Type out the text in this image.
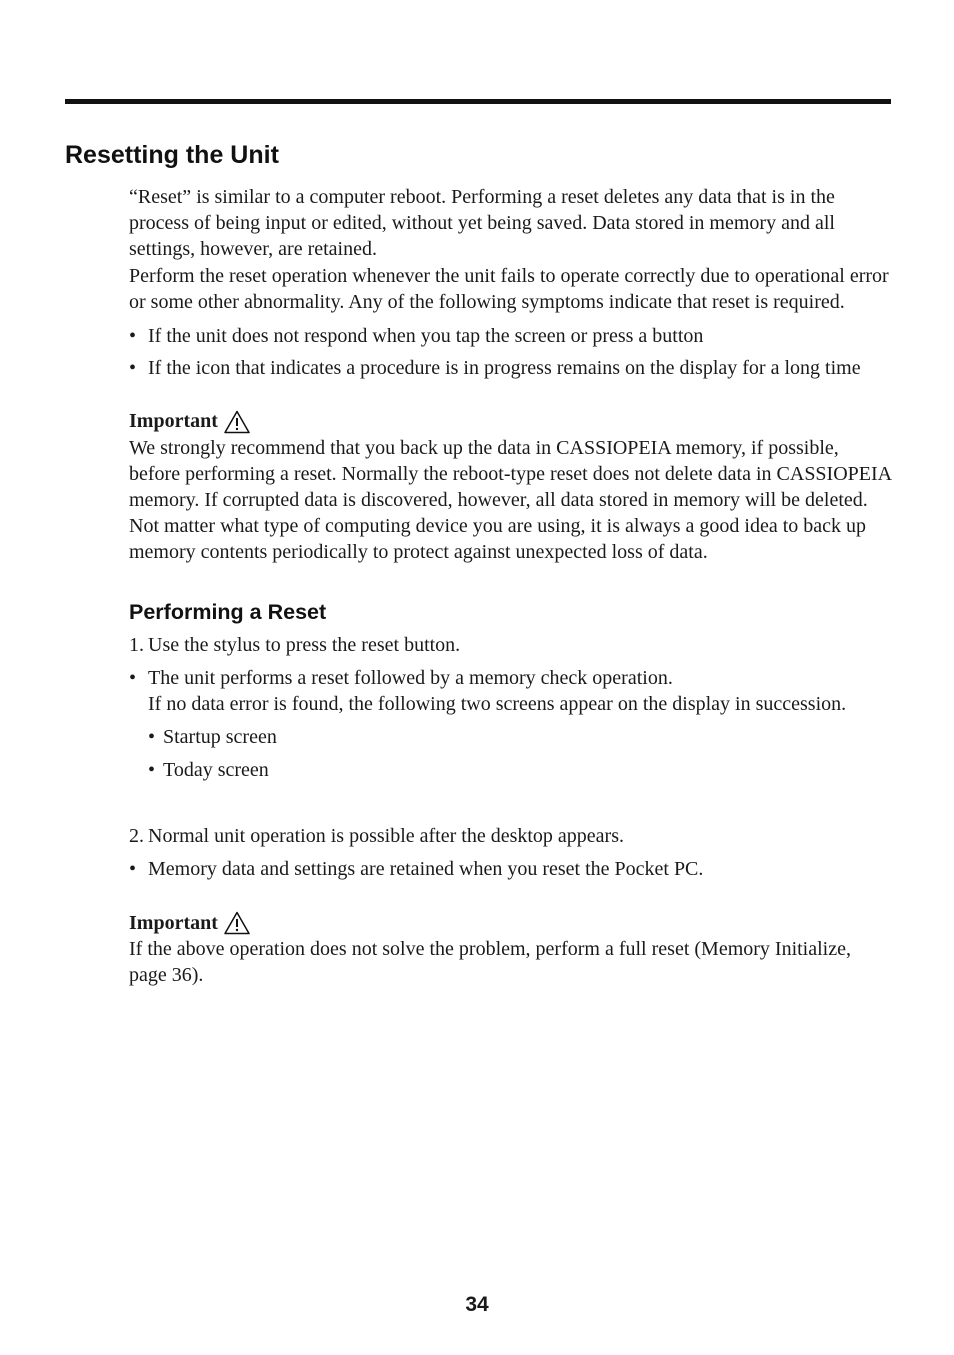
Resetting the Unit

“Reset” is similar to a computer reboot. Performing a reset deletes any data that is in the process of being input or edited, without yet being saved. Data stored in memory and all settings, however, are retained.

Perform the reset operation whenever the unit fails to operate correctly due to operational error or some other abnormality. Any of the following symptoms indicate that reset is required.

• If the unit does not respond when you tap the screen or press a button
• If the icon that indicates a procedure is in progress remains on the display for a long time
Important

We strongly recommend that you back up the data in CASSIOPEIA memory, if possible, before performing a reset. Normally the reboot-type reset does not delete data in CASSIOPEIA memory. If corrupted data is discovered, however, all data stored in memory will be deleted. Not matter what type of computing device you are using, it is always a good idea to back up memory contents periodically to protect against unexpected loss of data.

Performing a Reset
1. Use the stylus to press the reset button.
• The unit performs a reset followed by a memory check operation.
If no data error is found, the following two screens appear on the display in succession.
• Startup screen
• Today screen
2. Normal unit operation is possible after the desktop appears.
• Memory data and settings are retained when you reset the Pocket PC.
Important

If the above operation does not solve the problem, perform a full reset (Memory Initialize, page 36).

34
